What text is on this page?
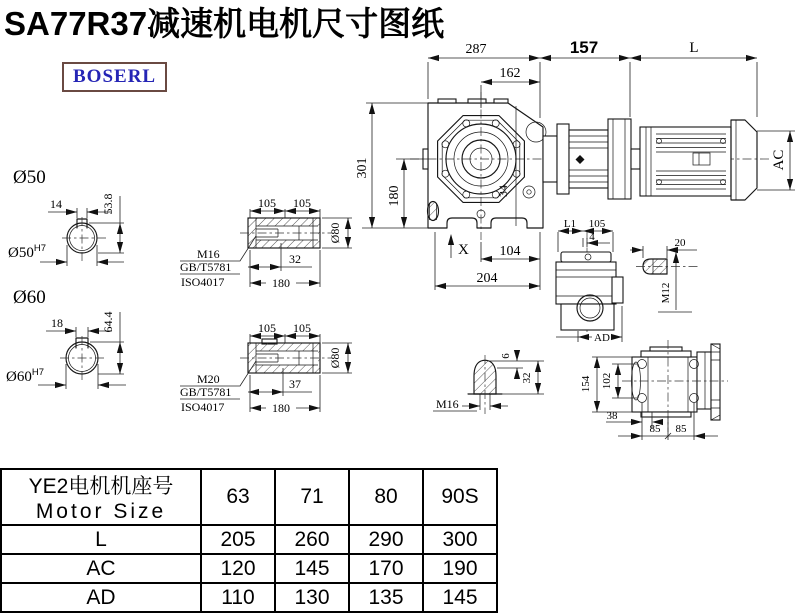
SA77R37减速机电机尺寸图纸
BOSERL
34
287	157	L
162
301
180
X 104
204
AC
Ø50
14	53.8
$Ø50^{H7}$
Ø60
18	64.4
$Ø60^{H7}$
105 105
M16
GB/T5781
ISO4017
32
180
Ø80
105 105
M20
GB/T5781
ISO4017
37
180
Ø80
L1 105
4
AD
20
M12
M16
6
32	154 102
38
85 85
YE2电机机座号
Motor Size	63	71	80	90S
L	205	260	290	300
AC	120	145	170	190
AD	110	130	135	145
